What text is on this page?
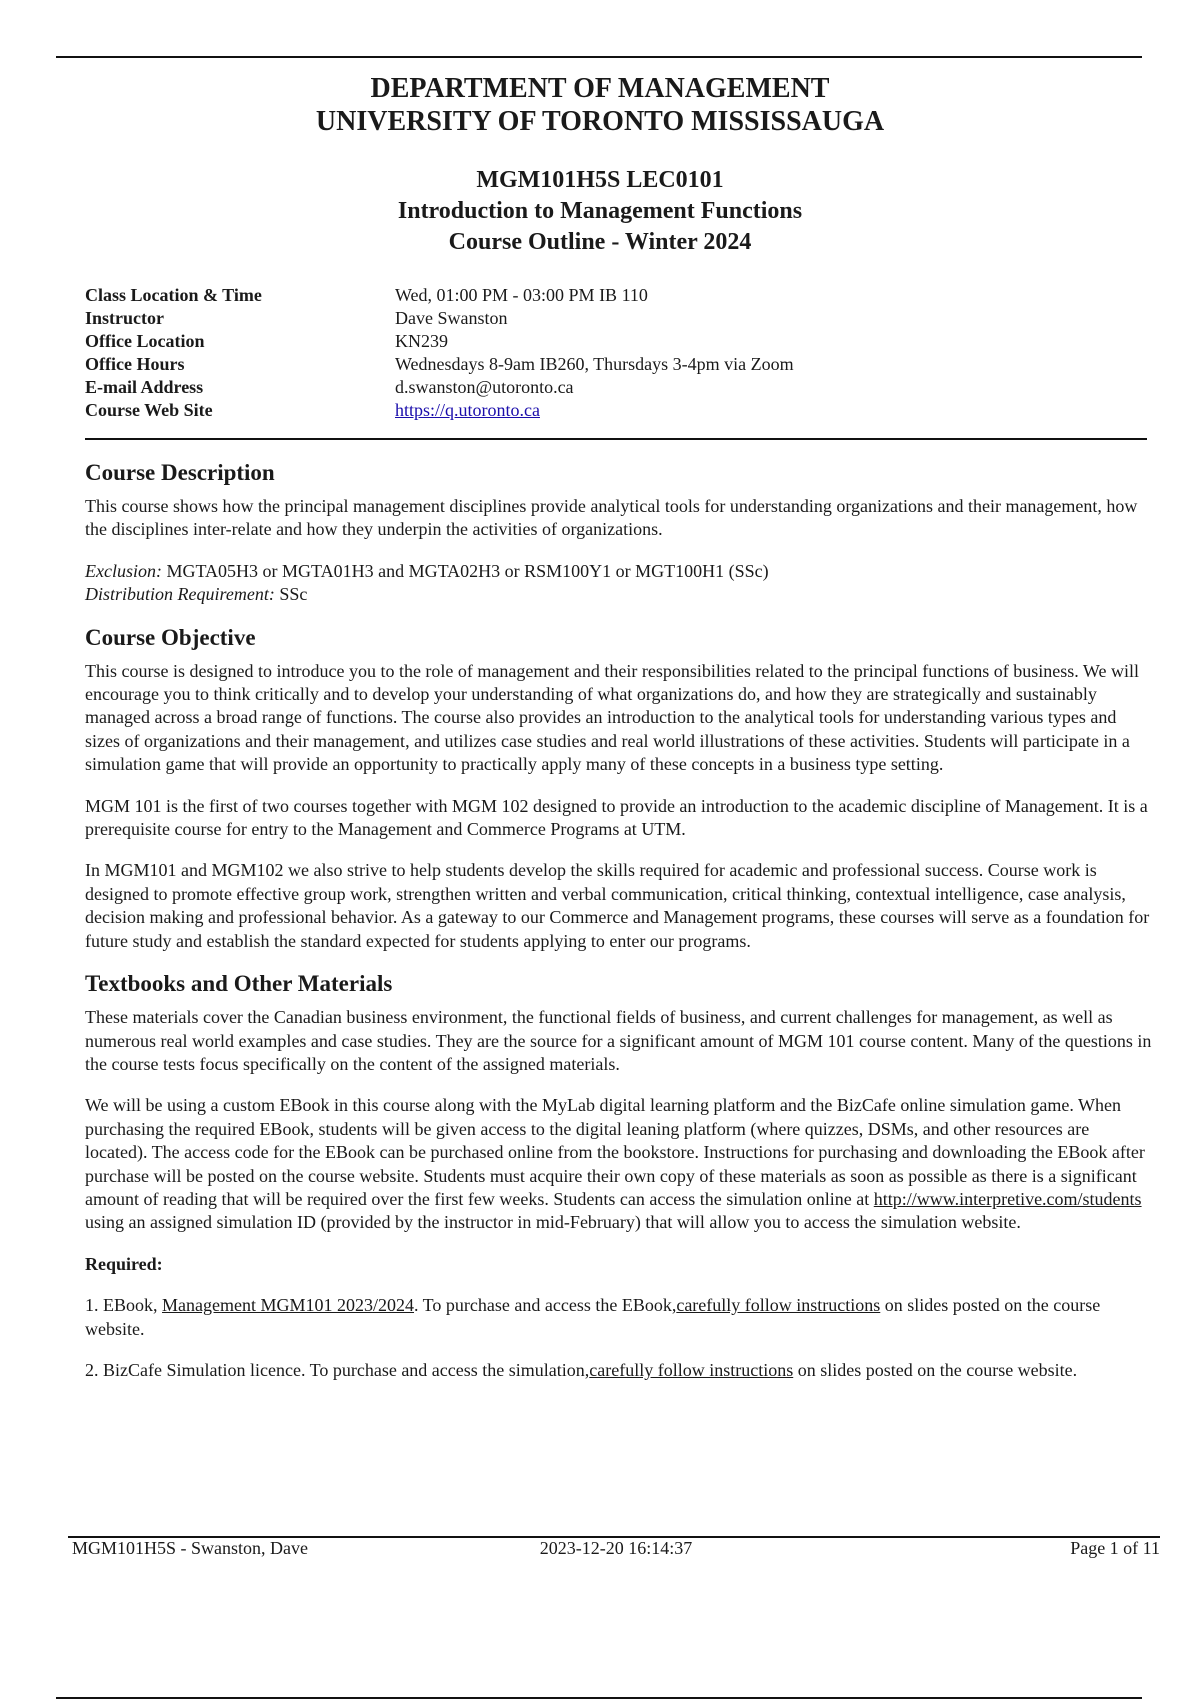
DEPARTMENT OF MANAGEMENT
UNIVERSITY OF TORONTO MISSISSAUGA
MGM101H5S LEC0101
Introduction to Management Functions
Course Outline - Winter 2024
Class Location & Time	Wed, 01:00 PM - 03:00 PM IB 110
Instructor	Dave Swanston
Office Location	KN239
Office Hours	Wednesdays 8-9am IB260, Thursdays 3-4pm via Zoom
E-mail Address	d.swanston@utoronto.ca
Course Web Site	https://q.utoronto.ca
Course Description

This course shows how the principal management disciplines provide analytical tools for understanding organizations and their management, how the disciplines inter-relate and how they underpin the activities of organizations.

Exclusion: MGTA05H3 or MGTA01H3 and MGTA02H3 or RSM100Y1 or MGT100H1 (SSc)
Distribution Requirement: SSc

Course Objective

This course is designed to introduce you to the role of management and their responsibilities related to the principal functions of business. We will encourage you to think critically and to develop your understanding of what organizations do, and how they are strategically and sustainably managed across a broad range of functions. The course also provides an introduction to the analytical tools for understanding various types and sizes of organizations and their management, and utilizes case studies and real world illustrations of these activities. Students will participate in a simulation game that will provide an opportunity to practically apply many of these concepts in a business type setting.

MGM 101 is the first of two courses together with MGM 102 designed to provide an introduction to the academic discipline of Management. It is a prerequisite course for entry to the Management and Commerce Programs at UTM.

In MGM101 and MGM102 we also strive to help students develop the skills required for academic and professional success. Course work is designed to promote effective group work, strengthen written and verbal communication, critical thinking, contextual intelligence, case analysis, decision making and professional behavior. As a gateway to our Commerce and Management programs, these courses will serve as a foundation for future study and establish the standard expected for students applying to enter our programs.

Textbooks and Other Materials

These materials cover the Canadian business environment, the functional fields of business, and current challenges for management, as well as numerous real world examples and case studies. They are the source for a significant amount of MGM 101 course content. Many of the questions in the course tests focus specifically on the content of the assigned materials.

We will be using a custom EBook in this course along with the MyLab digital learning platform and the BizCafe online simulation game. When purchasing the required EBook, students will be given access to the digital leaning platform (where quizzes, DSMs, and other resources are located). The access code for the EBook can be purchased online from the bookstore. Instructions for purchasing and downloading the EBook after purchase will be posted on the course website. Students must acquire their own copy of these materials as soon as possible as there is a significant amount of reading that will be required over the first few weeks. Students can access the simulation online at http://www.interpretive.com/students using an assigned simulation ID (provided by the instructor in mid-February) that will allow you to access the simulation website.

Required:

1. EBook, Management MGM101 2023/2024. To purchase and access the EBook,carefully follow instructions on slides posted on the course website.

2. BizCafe Simulation licence. To purchase and access the simulation,carefully follow instructions on slides posted on the course website.

MGM101H5S - Swanston, Dave	2023-12-20 16:14:37	Page 1 of 11
